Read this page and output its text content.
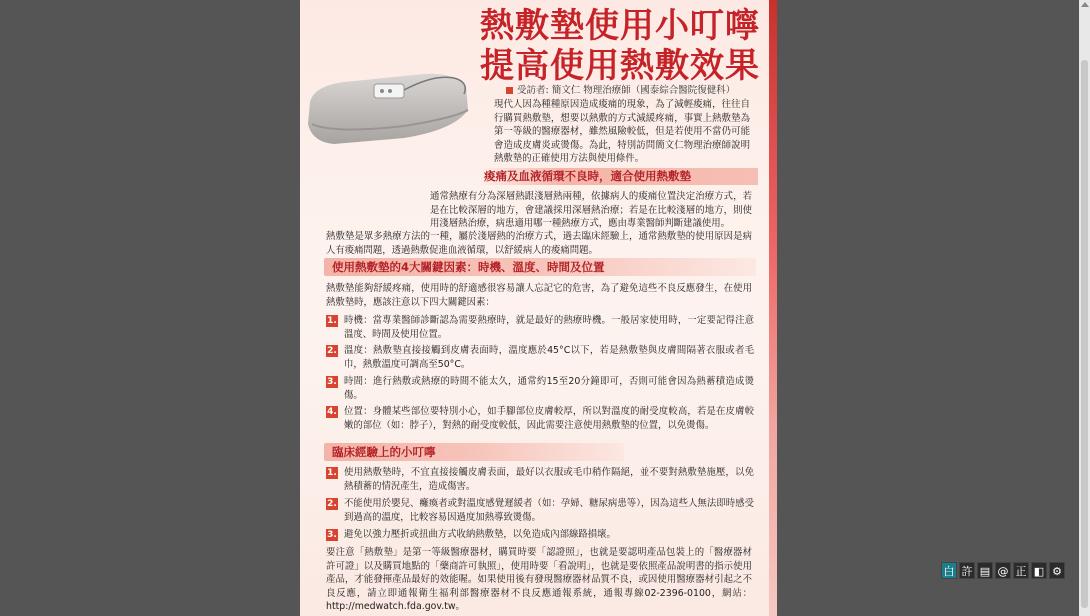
熱敷墊使用小叮嚀
提高使用熱敷效果
受訪者: 簡文仁 物理治療師（國泰綜合醫院復健科）

現代人因為種種原因造成痠痛的現象，為了減輕痠痛，往往自行購買熱敷墊，想要以熱敷的方式減緩疼痛，事實上熱敷墊為第一等級的醫療器材，雖然風險較低，但是若使用不當仍可能會造成皮膚炎或燙傷。為此，特別訪問簡文仁物理治療師說明熱敷墊的正確使用方法與使用條件。

痠痛及血液循環不良時，適合使用熱敷墊

通常熱療有分為深層熱跟淺層熱兩種，依據病人的痠痛位置決定治療方式，若是在比較深層的地方，會建議採用深層熱治療；若是在比較淺層的地方，則使用淺層熱治療，病患適用哪一種熱療方式，應由專業醫師判斷建議使用。

熱敷墊是眾多熱療方法的一種，屬於淺層熱的治療方式，過去臨床經驗上，通常熱敷墊的使用原因是病人有痠痛問題，透過熱敷促進血液循環，以舒緩病人的痠痛問題。

使用熱敷墊的4大關鍵因素：時機、溫度、時間及位置

熱敷墊能夠舒緩疼痛，使用時的舒適感很容易讓人忘記它的危害，為了避免這些不良反應發生，在使用熱敷墊時，應該注意以下四大關鍵因素：

1. 時機：當專業醫師診斷認為需要熱療時，就是最好的熱療時機。一般居家使用時，一定要記得注意溫度、時間及使用位置。
2. 溫度：熱敷墊直接接觸到皮膚表面時，溫度應於45°C以下，若是熱敷墊與皮膚間隔著衣服或者毛巾，熱敷溫度可調高至50°C。
3. 時間：進行熱敷或熱療的時間不能太久，通常約15至20分鐘即可，否則可能會因為熱蓄積造成燙傷。
4. 位置：身體某些部位要特別小心，如手腳部位皮膚較厚，所以對溫度的耐受度較高，若是在皮膚較嫩的部位（如：脖子），對熱的耐受度較低，因此需要注意使用熱敷墊的位置，以免燙傷。
臨床經驗上的小叮嚀
1. 使用熱敷墊時，不宜直接接觸皮膚表面，最好以衣服或毛巾稍作隔絕，並不要對熱敷墊施壓，以免熱積蓄的情況產生，造成傷害。
2. 不能使用於嬰兒、癱瘓者或對溫度感覺遲緩者（如：孕婦、糖尿病患等），因為這些人無法即時感受到過高的溫度，比較容易因過度加熱導致燙傷。
3. 避免以強力壓折或扭曲方式收納熱敷墊，以免造成內部線路損壞。

要注意「熱敷墊」是第一等級醫療器材，購買時要「認證照」，也就是要認明產品包裝上的「醫療器材許可證」以及購買地點的「藥商許可執照」，使用時要「看說明」，也就是要依照產品說明書的指示使用產品，才能發揮產品最好的效能喔。如果使用後有發現醫療器材品質不良，或因使用醫療器材引起之不良反應，請立即通報衛生福利部醫療器材不良反應通報系統，通報專線02-2396-0100，網站：http://medwatch.fda.gov.tw。

白 許 ▤ @ 正 ◧ ⚙
